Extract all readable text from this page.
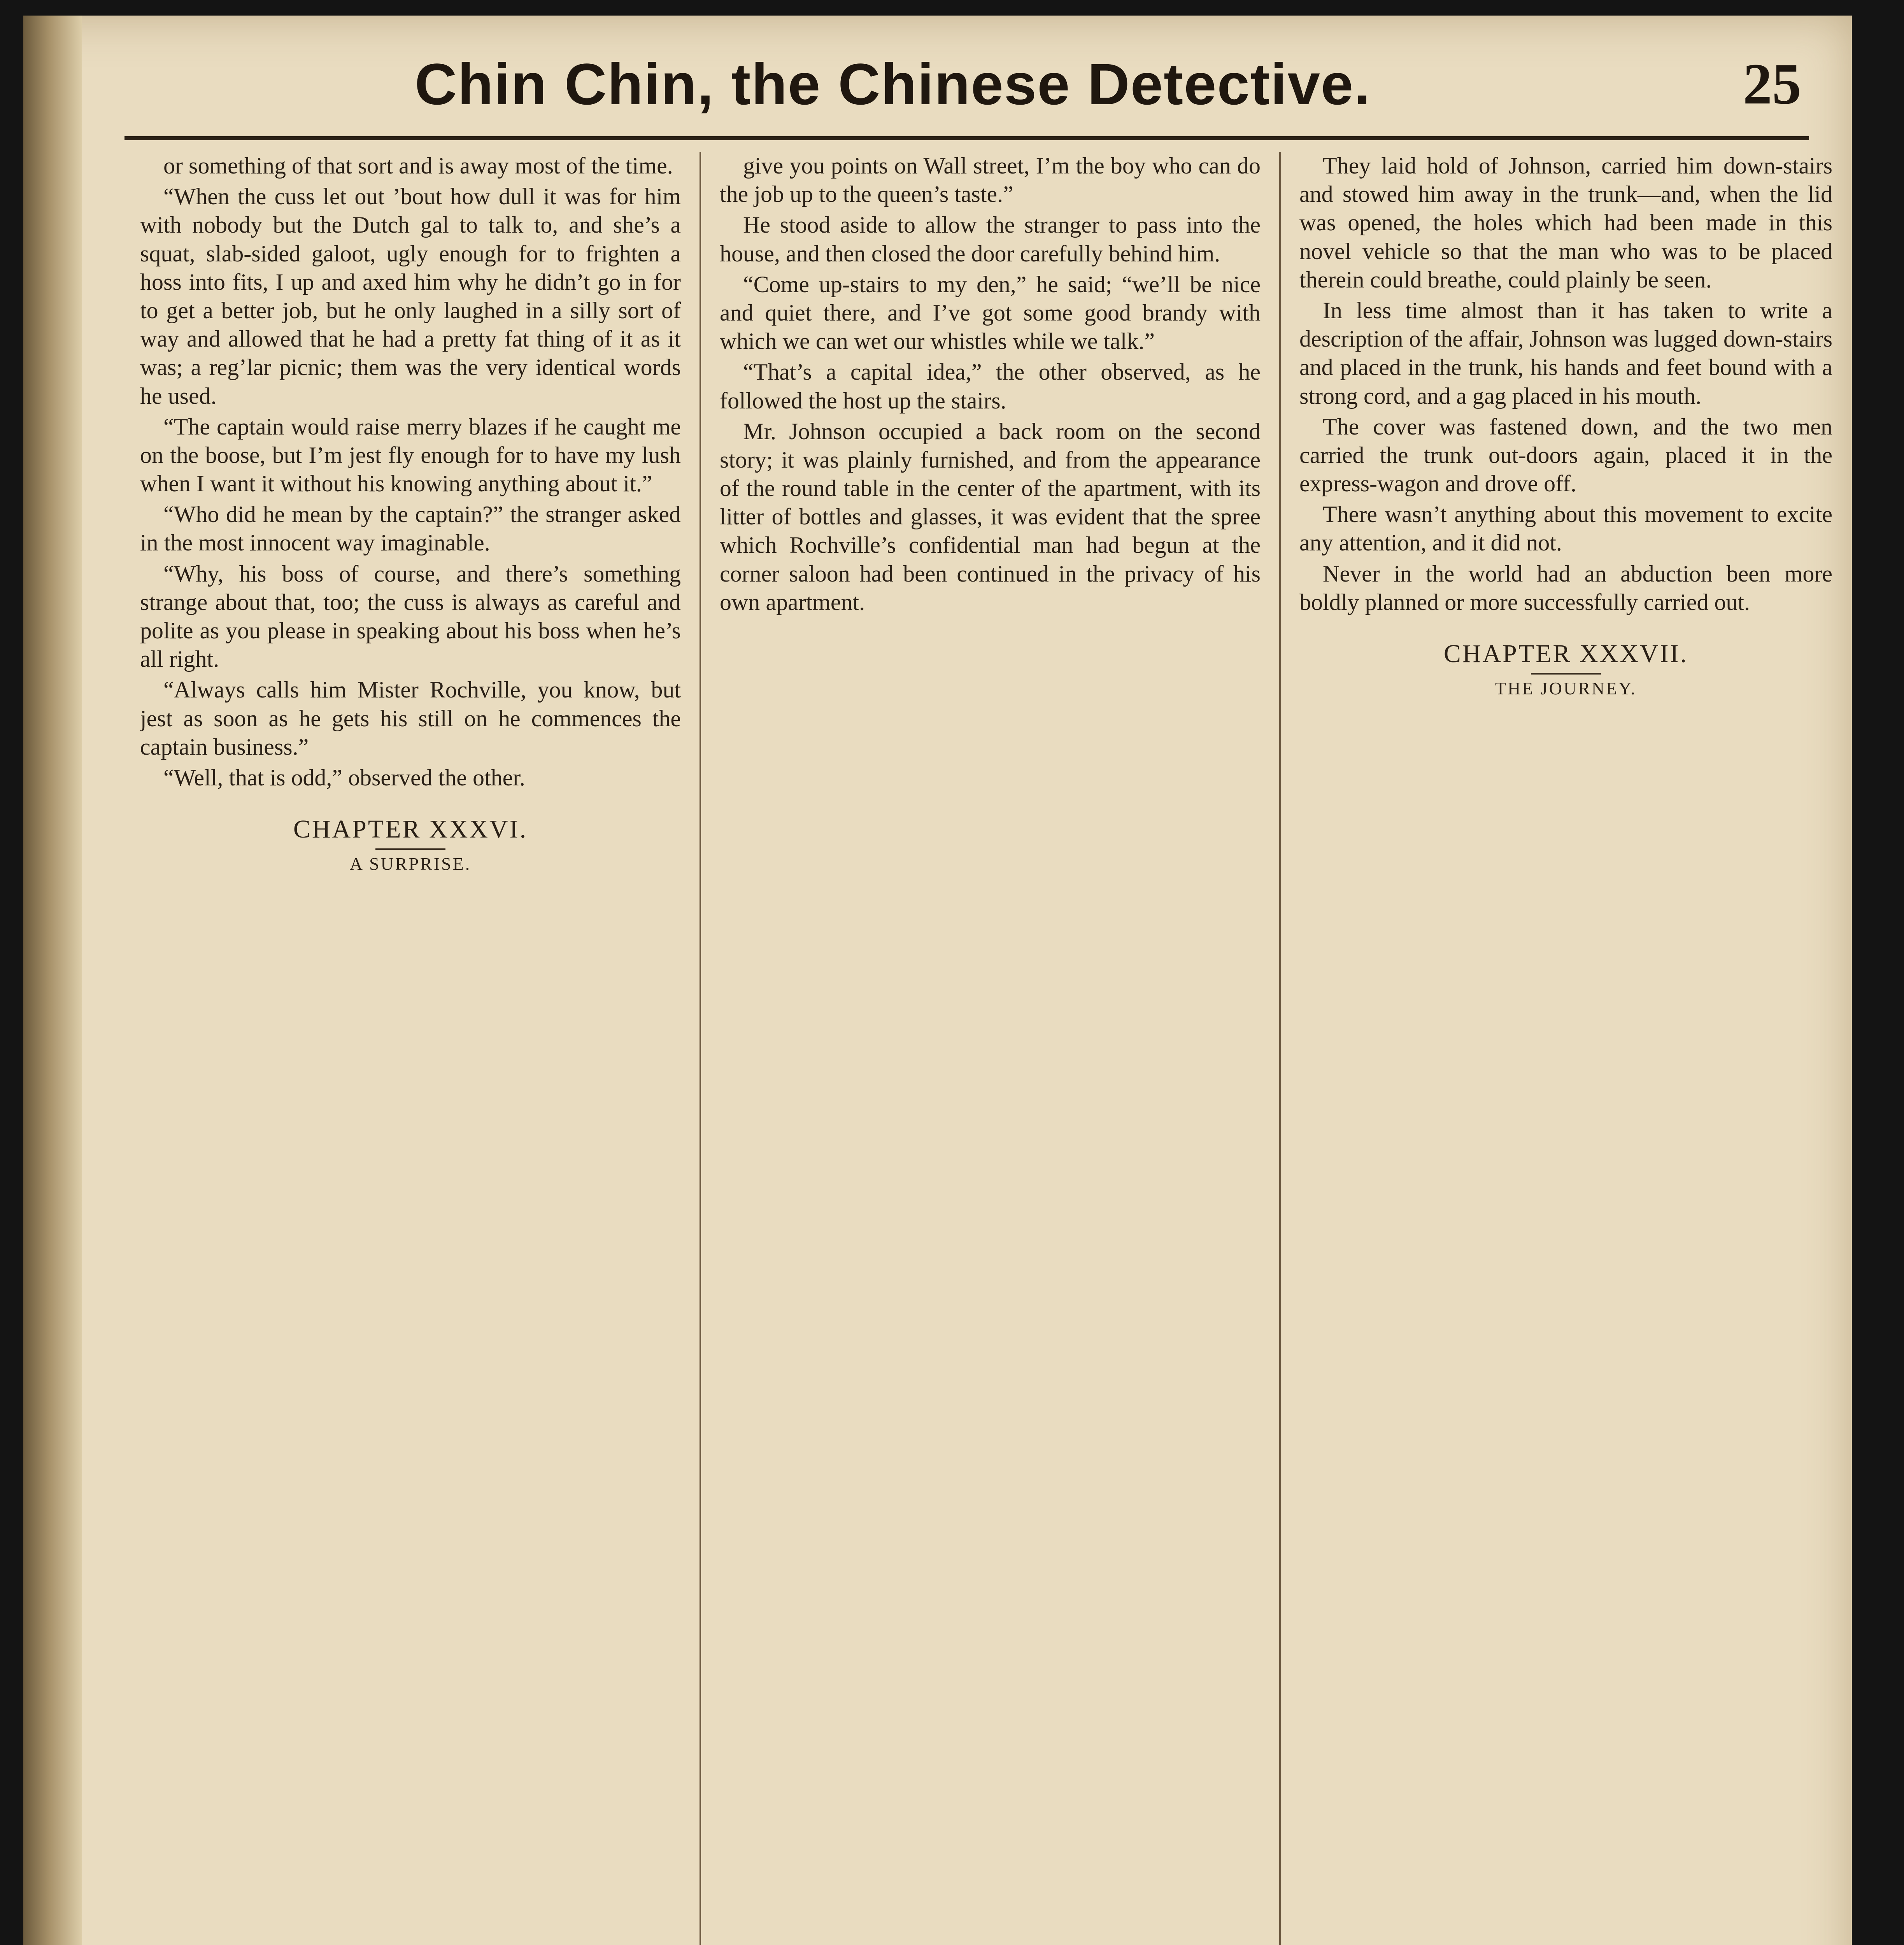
Chin Chin, the Chinese Detective.	25

or something of that sort and is away most of the time.

“When the cuss let out ’bout how dull it was for him with nobody but the Dutch gal to talk to, and she’s a squat, slab-sided galoot, ugly enough for to frighten a hoss into fits, I up and axed him why he didn’t go in for to get a better job, but he only laughed in a silly sort of way and allowed that he had a pretty fat thing of it as it was; a reg’lar picnic; them was the very identical words he used.

“The captain would raise merry blazes if he caught me on the boose, but I’m jest fly enough for to have my lush when I want it without his knowing anything about it.”

“Who did he mean by the captain?” the stranger asked in the most innocent way imaginable.

“Why, his boss of course, and there’s something strange about that, too; the cuss is always as careful and polite as you please in speaking about his boss when he’s all right.

“Always calls him Mister Rochville, you know, but jest as soon as he gets his still on he commences the captain business.”

“Well, that is odd,” observed the other.

CHAPTER XXXVI.
A SURPRISE.

give you points on Wall street, I’m the boy who can do the job up to the queen’s taste.”

He stood aside to allow the stranger to pass into the house, and then closed the door carefully behind him.

“Come up-stairs to my den,” he said; “we’ll be nice and quiet there, and I’ve got some good brandy with which we can wet our whistles while we talk.”

“That’s a capital idea,” the other observed, as he followed the host up the stairs.

Mr. Johnson occupied a back room on the second story; it was plainly furnished, and from the appearance of the round table in the center of the apartment, with its litter of bottles and glasses, it was evident that the spree which Rochville’s confidential man had begun at the corner saloon had been continued in the privacy of his own apartment.

They laid hold of Johnson, carried him down-stairs and stowed him away in the trunk—and, when the lid was opened, the holes which had been made in this novel vehicle so that the man who was to be placed therein could breathe, could plainly be seen.

In less time almost than it has taken to write a description of the affair, Johnson was lugged down-stairs and placed in the trunk, his hands and feet bound with a strong cord, and a gag placed in his mouth.

The cover was fastened down, and the two men carried the trunk out-doors again, placed it in the express-wagon and drove off.

There wasn’t anything about this movement to excite any attention, and it did not.

Never in the world had an abduction been more boldly planned or more successfully carried out.

CHAPTER XXXVII.
THE JOURNEY.
